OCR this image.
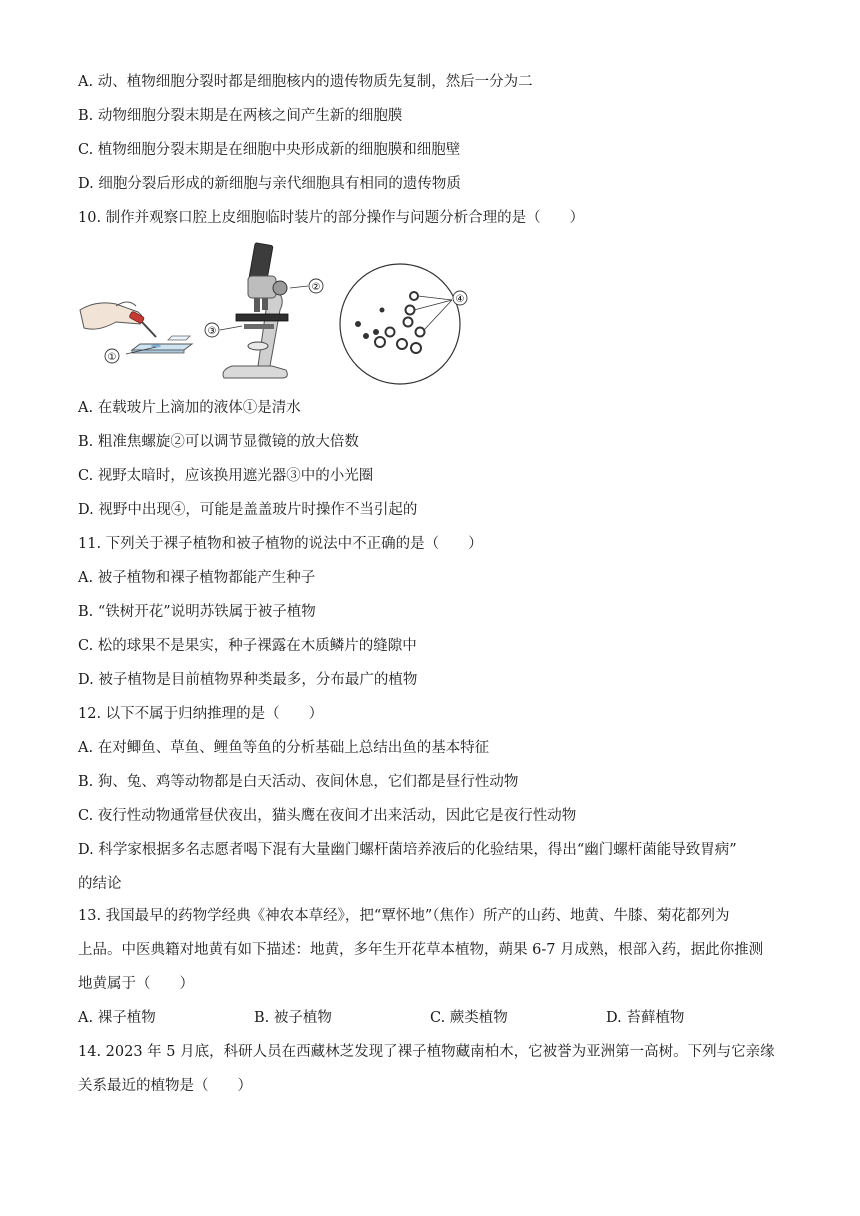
A. 动、植物细胞分裂时都是细胞核内的遗传物质先复制，然后一分为二
B. 动物细胞分裂末期是在两核之间产生新的细胞膜
C. 植物细胞分裂末期是在细胞中央形成新的细胞膜和细胞壁
D. 细胞分裂后形成的新细胞与亲代细胞具有相同的遗传物质
10. 制作并观察口腔上皮细胞临时装片的部分操作与问题分析合理的是（　　）
①
②
③
④
A. 在载玻片上滴加的液体①是清水
B. 粗准焦螺旋②可以调节显微镜的放大倍数
C. 视野太暗时，应该换用遮光器③中的小光圈
D. 视野中出现④，可能是盖盖玻片时操作不当引起的
11. 下列关于裸子植物和被子植物的说法中不正确的是（　　）
A. 被子植物和裸子植物都能产生种子
B. “铁树开花”说明苏铁属于被子植物
C. 松的球果不是果实，种子裸露在木质鳞片的缝隙中
D. 被子植物是目前植物界种类最多，分布最广的植物
12. 以下不属于归纳推理的是（　　）
A. 在对鲫鱼、草鱼、鲤鱼等鱼的分析基础上总结出鱼的基本特征
B. 狗、兔、鸡等动物都是白天活动、夜间休息，它们都是昼行性动物
C. 夜行性动物通常昼伏夜出，猫头鹰在夜间才出来活动，因此它是夜行性动物
D. 科学家根据多名志愿者喝下混有大量幽门螺杆菌培养液后的化验结果，得出“幽门螺杆菌能导致胃病”
的结论
13. 我国最早的药物学经典《神农本草经》，把“覃怀地”（焦作）所产的山药、地黄、牛膝、菊花都列为
上品。中医典籍对地黄有如下描述：地黄，多年生开花草本植物，蒴果 6-7 月成熟，根部入药，据此你推测
地黄属于（　　）
A. 裸子植物	B. 被子植物	C. 蕨类植物	D. 苔藓植物
14. 2023 年 5 月底，科研人员在西藏林芝发现了裸子植物藏南柏木，它被誉为亚洲第一高树。下列与它亲缘
关系最近的植物是（　　）
